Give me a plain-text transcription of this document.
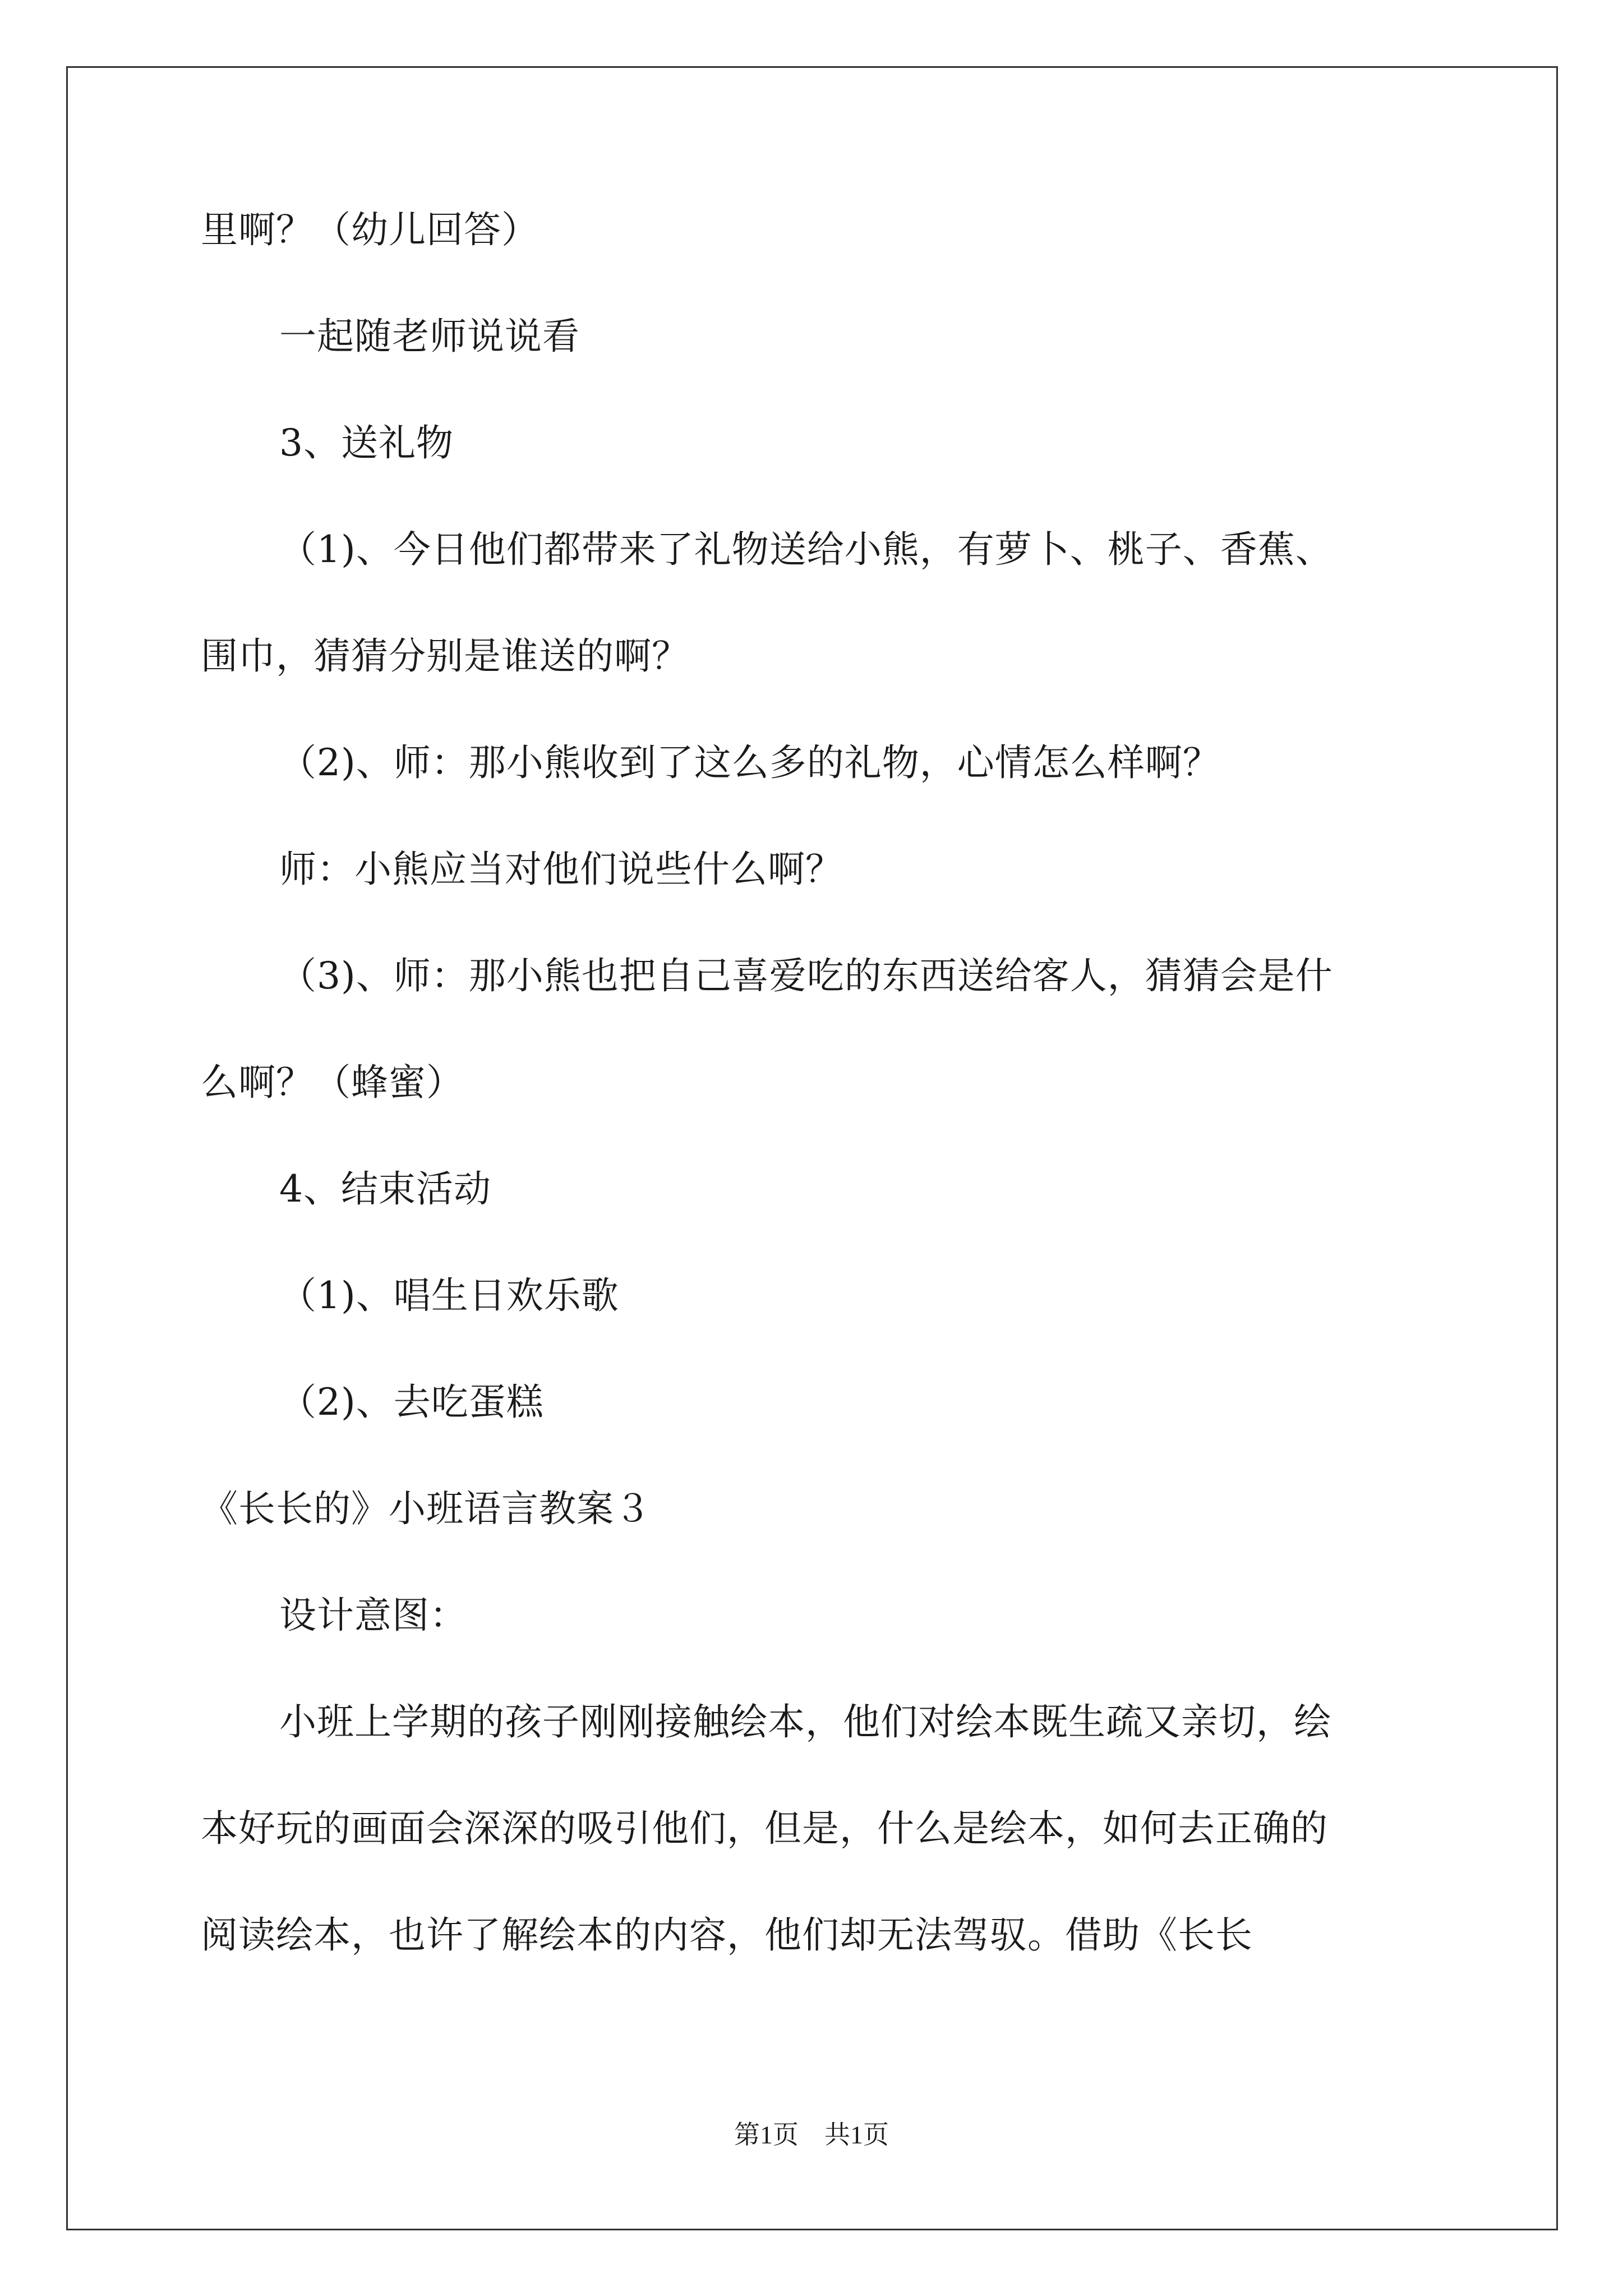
里啊？（幼儿回答）
一起随老师说说看
3、送礼物
（1)、今日他们都带来了礼物送给小熊，有萝卜、桃子、香蕉、
围巾，猜猜分别是谁送的啊？
（2)、师：那小熊收到了这么多的礼物，心情怎么样啊？
师：小熊应当对他们说些什么啊？
（3)、师：那小熊也把自己喜爱吃的东西送给客人，猜猜会是什
么啊？（蜂蜜）
4、结束活动
（1)、唱生日欢乐歌
（2)、去吃蛋糕
《长长的》小班语言教案３
设计意图：
小班上学期的孩子刚刚接触绘本，他们对绘本既生疏又亲切，绘
本好玩的画面会深深的吸引他们，但是，什么是绘本，如何去正确的
阅读绘本，也许了解绘本的内容，他们却无法驾驭。借助《长长
第1页　共1页
